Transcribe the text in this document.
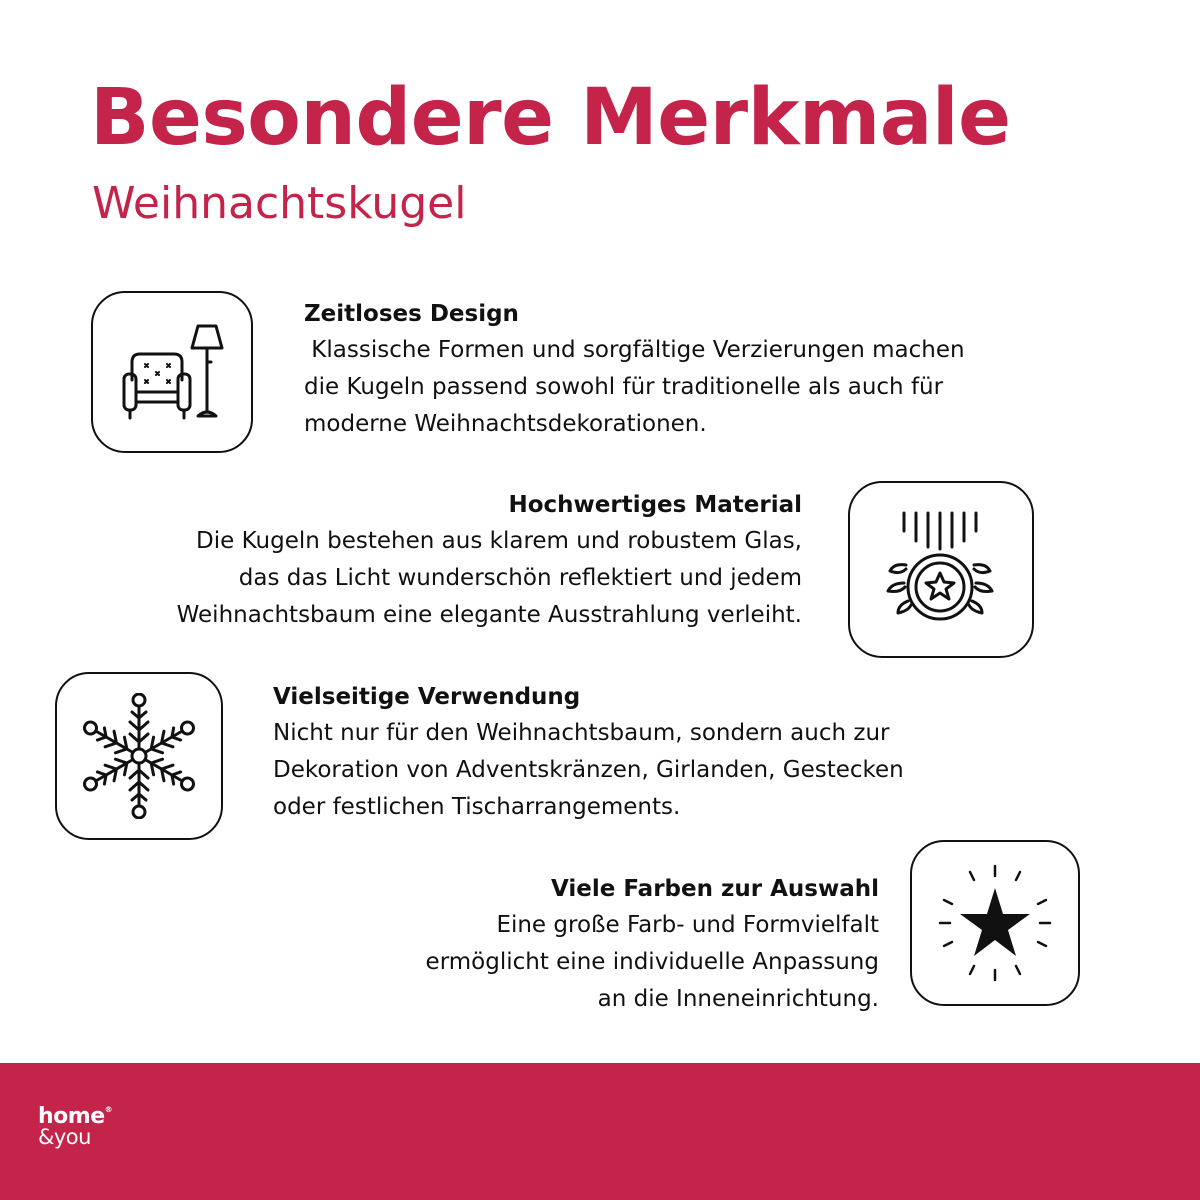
Besondere Merkmale
Weihnachtskugel
Zeitloses Design

Klassische Formen und sorgfältige Verzierungen machen

die Kugeln passend sowohl für traditionelle als auch für

moderne Weihnachtsdekorationen.

Hochwertiges Material

Die Kugeln bestehen aus klarem und robustem Glas,

das das Licht wunderschön reflektiert und jedem

Weihnachtsbaum eine elegante Ausstrahlung verleiht.

Vielseitige Verwendung

Nicht nur für den Weihnachtsbaum, sondern auch zur

Dekoration von Adventskränzen, Girlanden, Gestecken

oder festlichen Tischarrangements.

Viele Farben zur Auswahl

Eine große Farb- und Formvielfalt

ermöglicht eine individuelle Anpassung

an die Inneneinrichtung.

home®
&you
